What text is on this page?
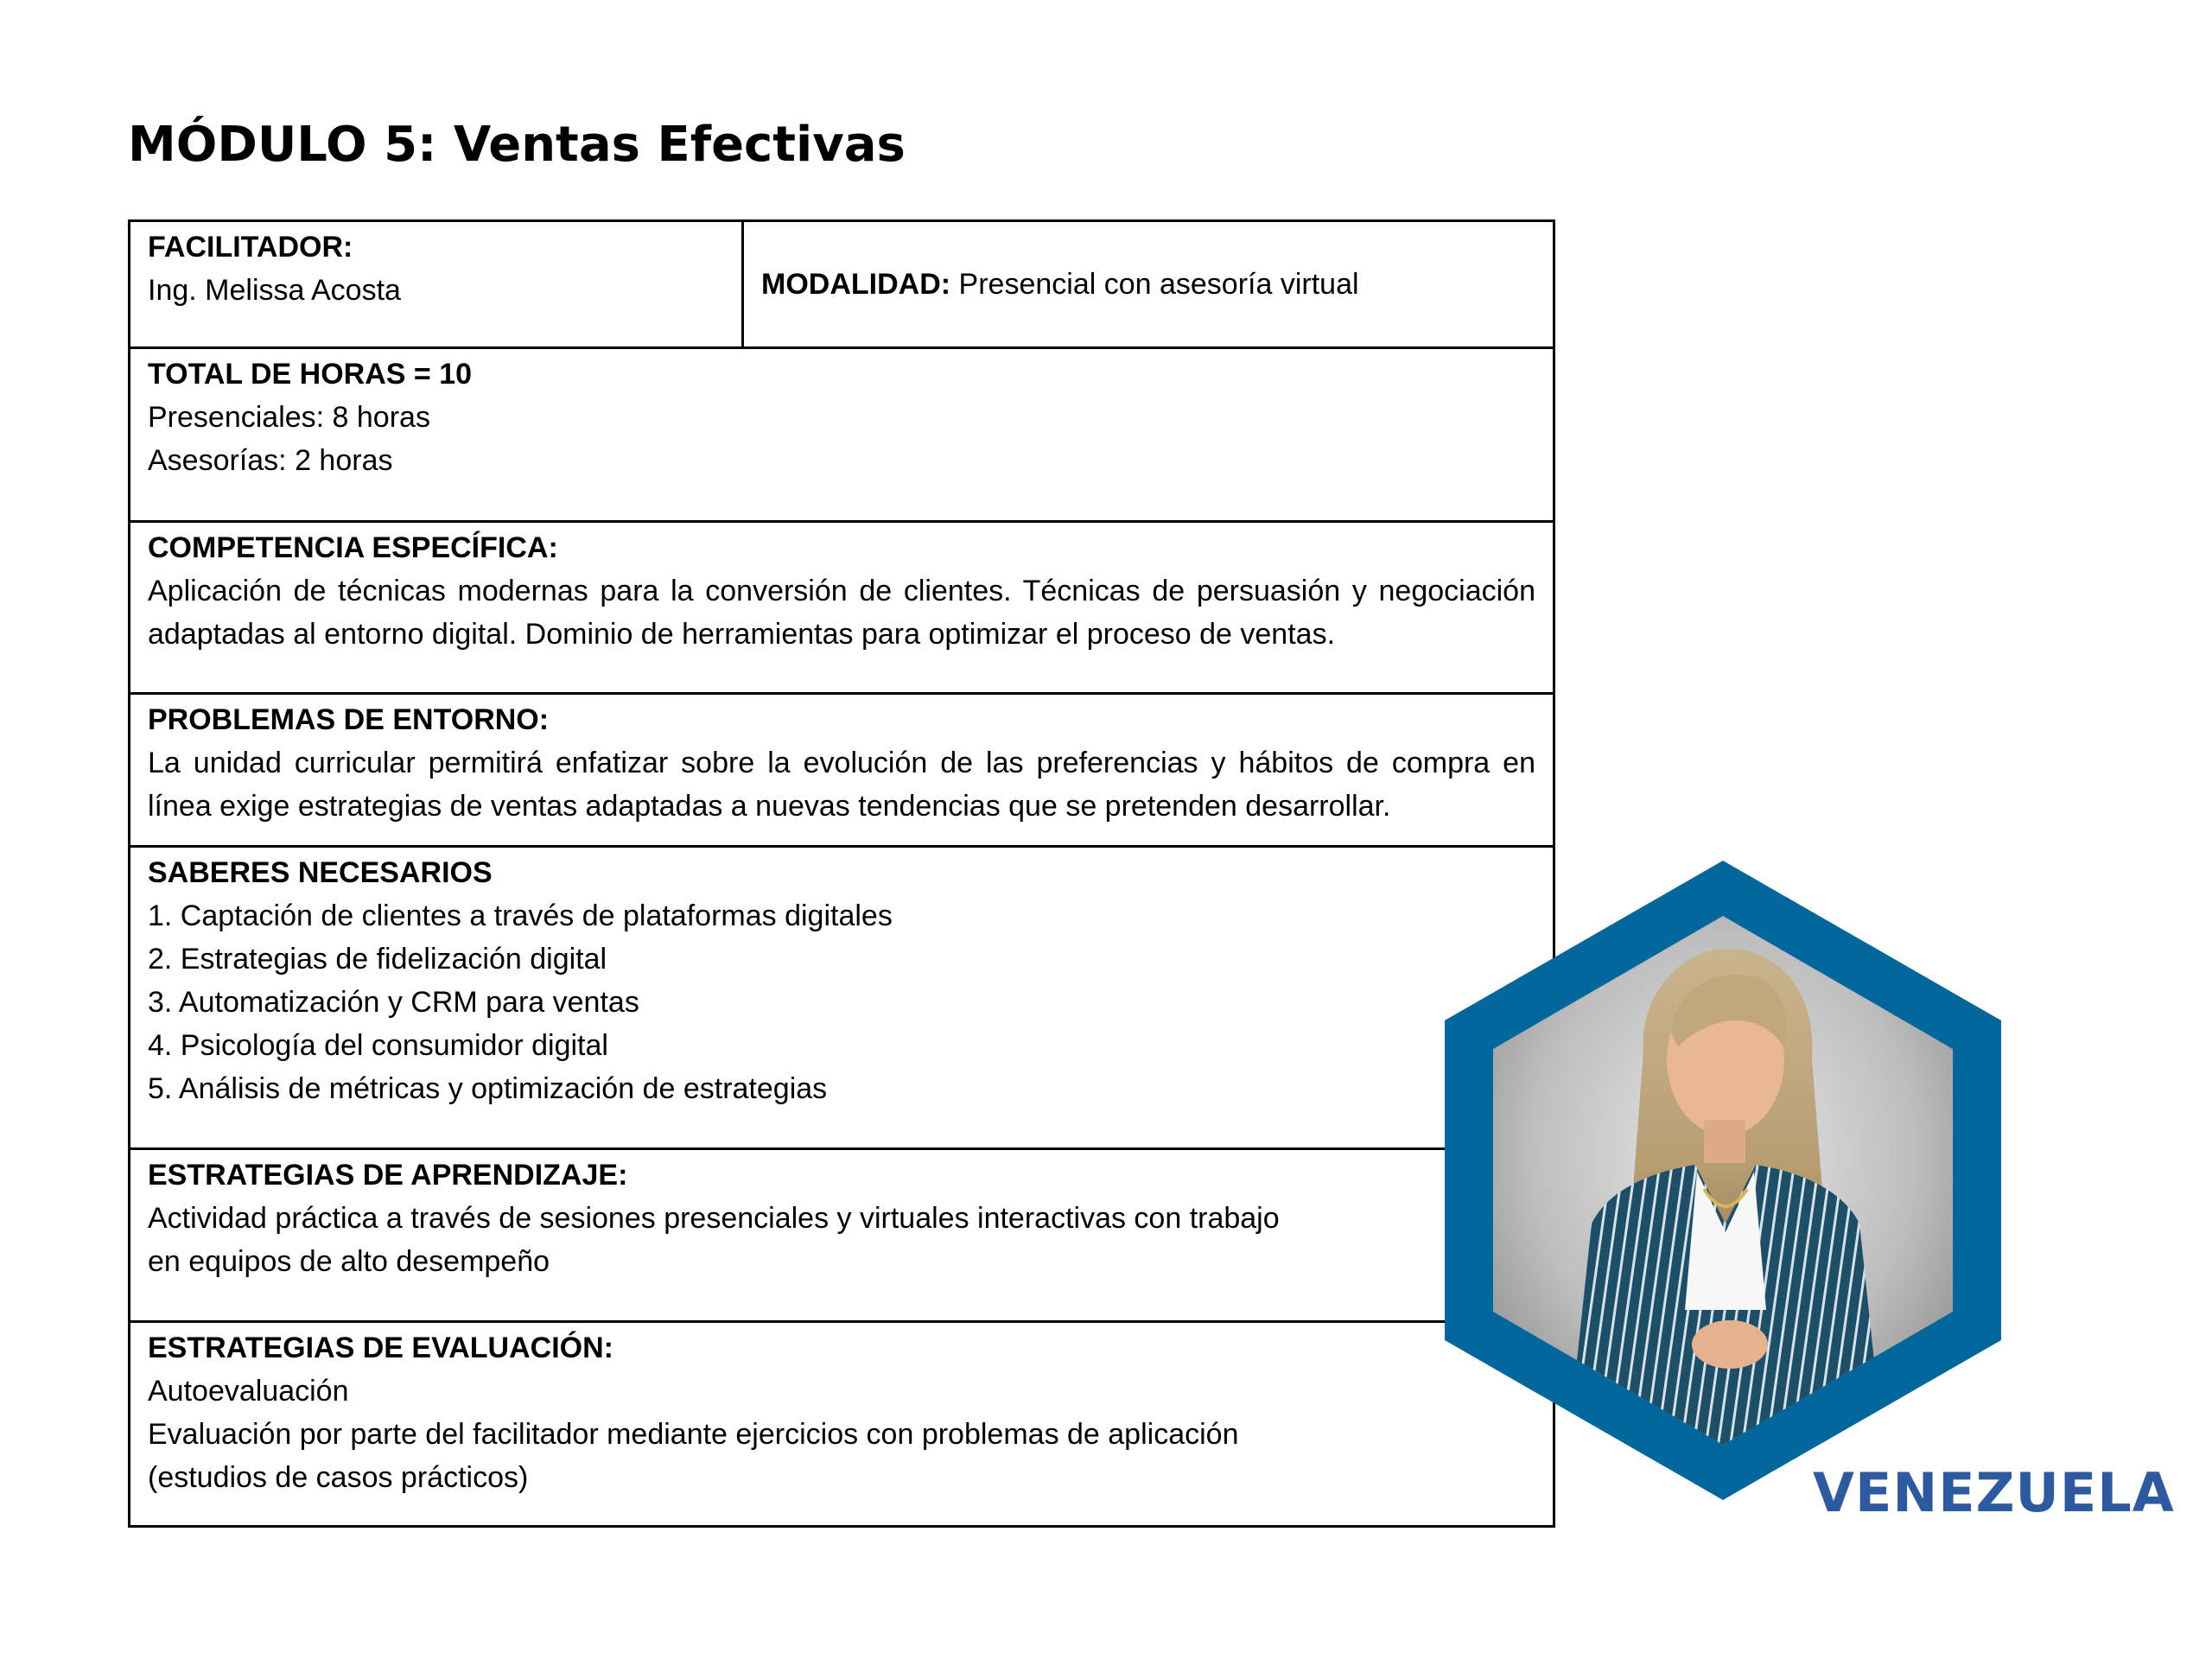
MÓDULO 5: Ventas Efectivas
FACILITADOR:
Ing. Melissa Acosta	MODALIDAD: Presencial con asesoría virtual
TOTAL DE HORAS = 10
Presenciales: 8 horas
Asesorías: 2 horas
COMPETENCIA ESPECÍFICA:
Aplicación de técnicas modernas para la conversión de clientes. Técnicas de persuasión y negociación adaptadas al entorno digital. Dominio de herramientas para optimizar el proceso de ventas.
PROBLEMAS DE ENTORNO:
La unidad curricular permitirá enfatizar sobre la evolución de las preferencias y hábitos de compra en línea exige estrategias de ventas adaptadas a nuevas tendencias que se pretenden desarrollar.
SABERES NECESARIOS
1. Captación de clientes a través de plataformas digitales
2. Estrategias de fidelización digital
3. Automatización y CRM para ventas
4. Psicología del consumidor digital
5. Análisis de métricas y optimización de estrategias
ESTRATEGIAS DE APRENDIZAJE:
Actividad práctica a través de sesiones presenciales y virtuales interactivas con trabajo
en equipos de alto desempeño
ESTRATEGIAS DE EVALUACIÓN:
Autoevaluación
Evaluación por parte del facilitador mediante ejercicios con problemas de aplicación
(estudios de casos prácticos)	VENEZUELA
